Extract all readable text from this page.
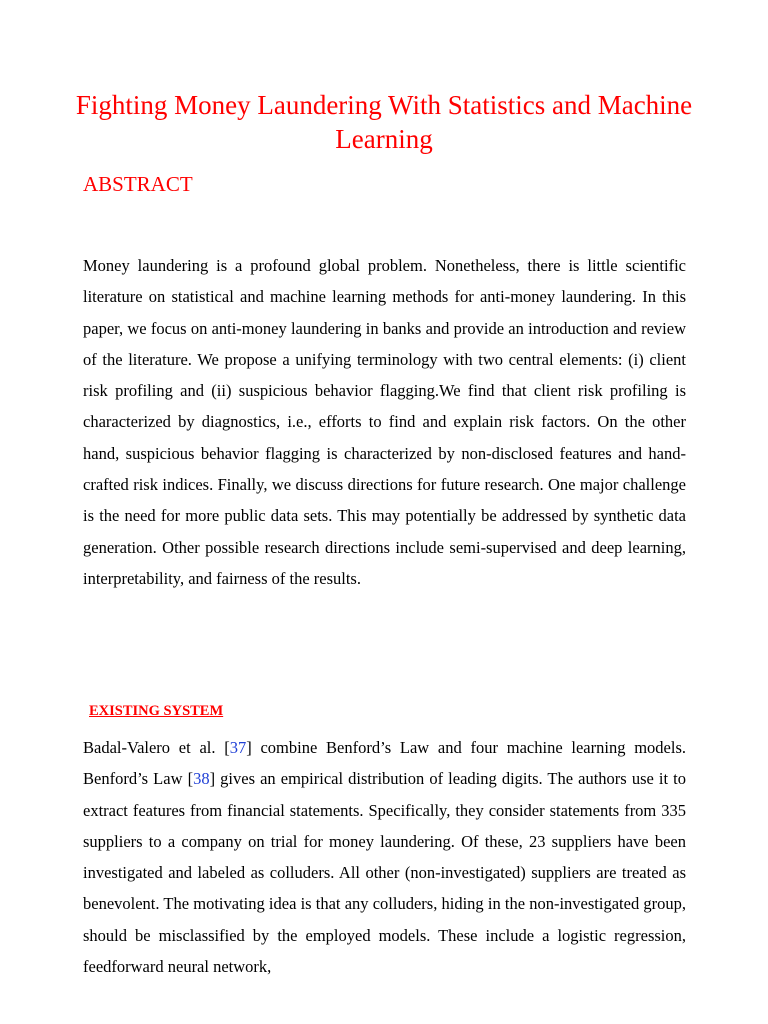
Fighting Money Laundering With Statistics and Machine Learning
ABSTRACT

Money laundering is a profound global problem. Nonetheless, there is little scientific literature on statistical and machine learning methods for anti-money laundering. In this paper, we focus on anti-money laundering in banks and provide an introduction and review of the literature. We propose a unifying terminology with two central elements: (i) client risk profiling and (ii) suspicious behavior flagging.We find that client risk profiling is characterized by diagnostics, i.e., efforts to find and explain risk factors. On the other hand, suspicious behavior flagging is characterized by non-disclosed features and hand-crafted risk indices. Finally, we discuss directions for future research. One major challenge is the need for more public data sets. This may potentially be addressed by synthetic data generation. Other possible research directions include semi-supervised and deep learning, interpretability, and fairness of the results.

EXISTING SYSTEM

Badal-Valero et al. [37] combine Benford’s Law and four machine learning models. Benford’s Law [38] gives an empirical distribution of leading digits. The authors use it to extract features from financial statements. Specifically, they consider statements from 335 suppliers to a company on trial for money laundering. Of these, 23 suppliers have been investigated and labeled as colluders. All other (non-investigated) suppliers are treated as benevolent. The motivating idea is that any colluders, hiding in the non-investigated group, should be misclassified by the employed models. These include a logistic regression, feedforward neural network,
